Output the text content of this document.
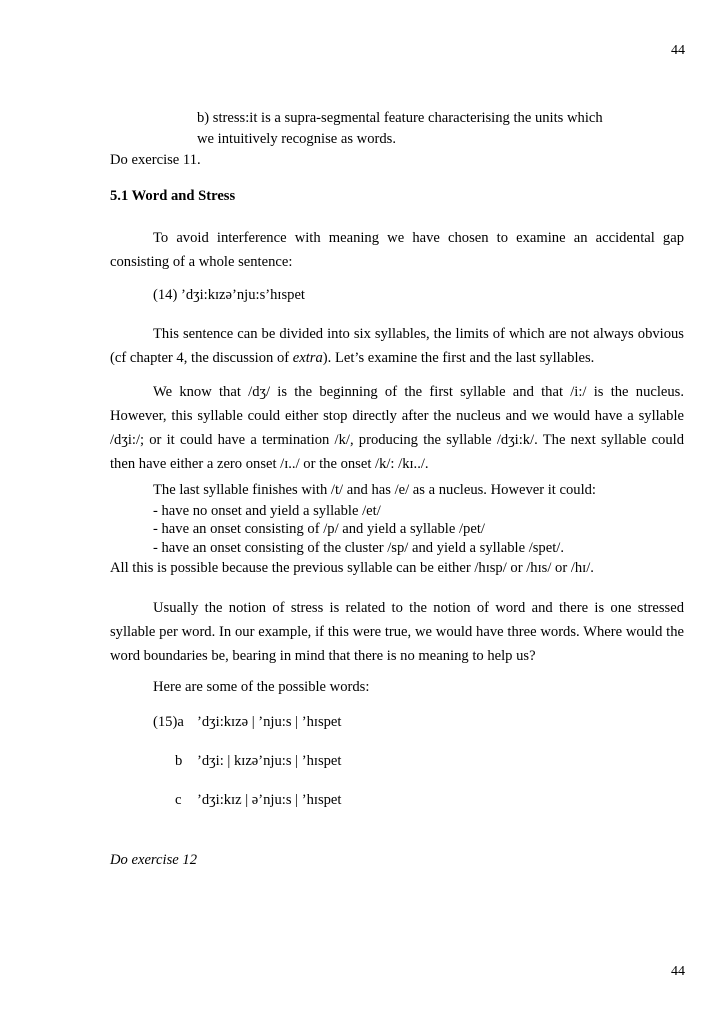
44
b) stress:it is a supra-segmental feature characterising the units which
we intuitively recognise as words.
Do exercise 11.
5.1 Word and Stress
To avoid interference with meaning we have chosen to examine an accidental gap consisting of a whole sentence:
(14) ’dʒi:kɪzə’nju:s’hɪspet
This sentence can be divided into six syllables, the limits of which are not always obvious (cf chapter 4, the discussion of extra). Let’s examine the first and the last syllables.
We know that /dʒ/ is the beginning of the first syllable and that /i:/ is the nucleus. However, this syllable could either stop directly after the nucleus and we would have a syllable /dʒi:/; or it could have a termination /k/, producing the syllable /dʒi:k/. The next syllable could then have either a zero onset /ɪ../ or the onset /k/: /kɪ../.
The last syllable finishes with /t/ and has /e/ as a nucleus. However it could:
- have no onset and yield a syllable /et/
- have an onset consisting of /p/ and yield a syllable /pet/
- have an onset consisting of the cluster /sp/ and yield a syllable /spet/.
All this is possible because the previous syllable can be either /hɪsp/ or /hɪs/ or /hɪ/.
Usually the notion of stress is related to the notion of word and there is one stressed syllable per word. In our example, if this were true, we would have three words. Where would the word boundaries be, bearing in mind that there is no meaning to help us?
Here are some of the possible words:
(15)a ’dʒi:kɪzə | ’nju:s | ’hɪspet
b ’dʒi: | kɪzə’nju:s | ’hɪspet
c ’dʒi:kɪz | ə’nju:s | ’hɪspet
Do exercise 12
44
